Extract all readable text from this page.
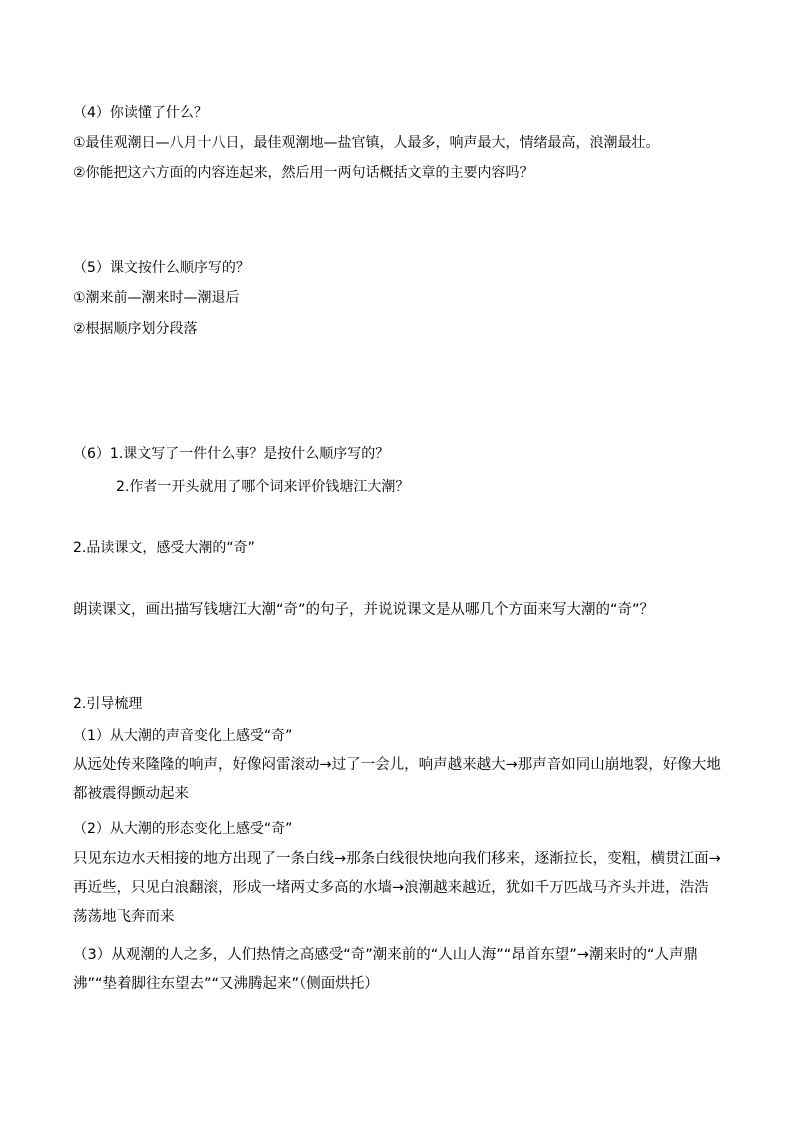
（4）你读懂了什么？
①最佳观潮日—八月十八日，最佳观潮地—盐官镇，人最多，响声最大，情绪最高，浪潮最壮。
②你能把这六方面的内容连起来，然后用一两句话概括文章的主要内容吗？
（5）课文按什么顺序写的？
①潮来前—潮来时—潮退后
②根据顺序划分段落
（6）1.课文写了一件什么事？是按什么顺序写的？
2.作者一开头就用了哪个词来评价钱塘江大潮？
2.品读课文，感受大潮的“奇”
朗读课文，画出描写钱塘江大潮“奇”的句子，并说说课文是从哪几个方面来写大潮的“奇”？
2.引导梳理
（1）从大潮的声音变化上感受“奇”
从远处传来隆隆的响声，好像闷雷滚动→过了一会儿，响声越来越大→那声音如同山崩地裂，好像大地都被震得颤动起来
（2）从大潮的形态变化上感受“奇”
只见东边水天相接的地方出现了一条白线→那条白线很快地向我们移来，逐渐拉长，变粗，横贯江面→再近些，只见白浪翻滚，形成一堵两丈多高的水墙→浪潮越来越近，犹如千万匹战马齐头并进，浩浩荡荡地飞奔而来
（3）从观潮的人之多，人们热情之高感受“奇”潮来前的“人山人海”“昂首东望”→潮来时的“人声鼎沸”“垫着脚往东望去”“又沸腾起来”（侧面烘托）
